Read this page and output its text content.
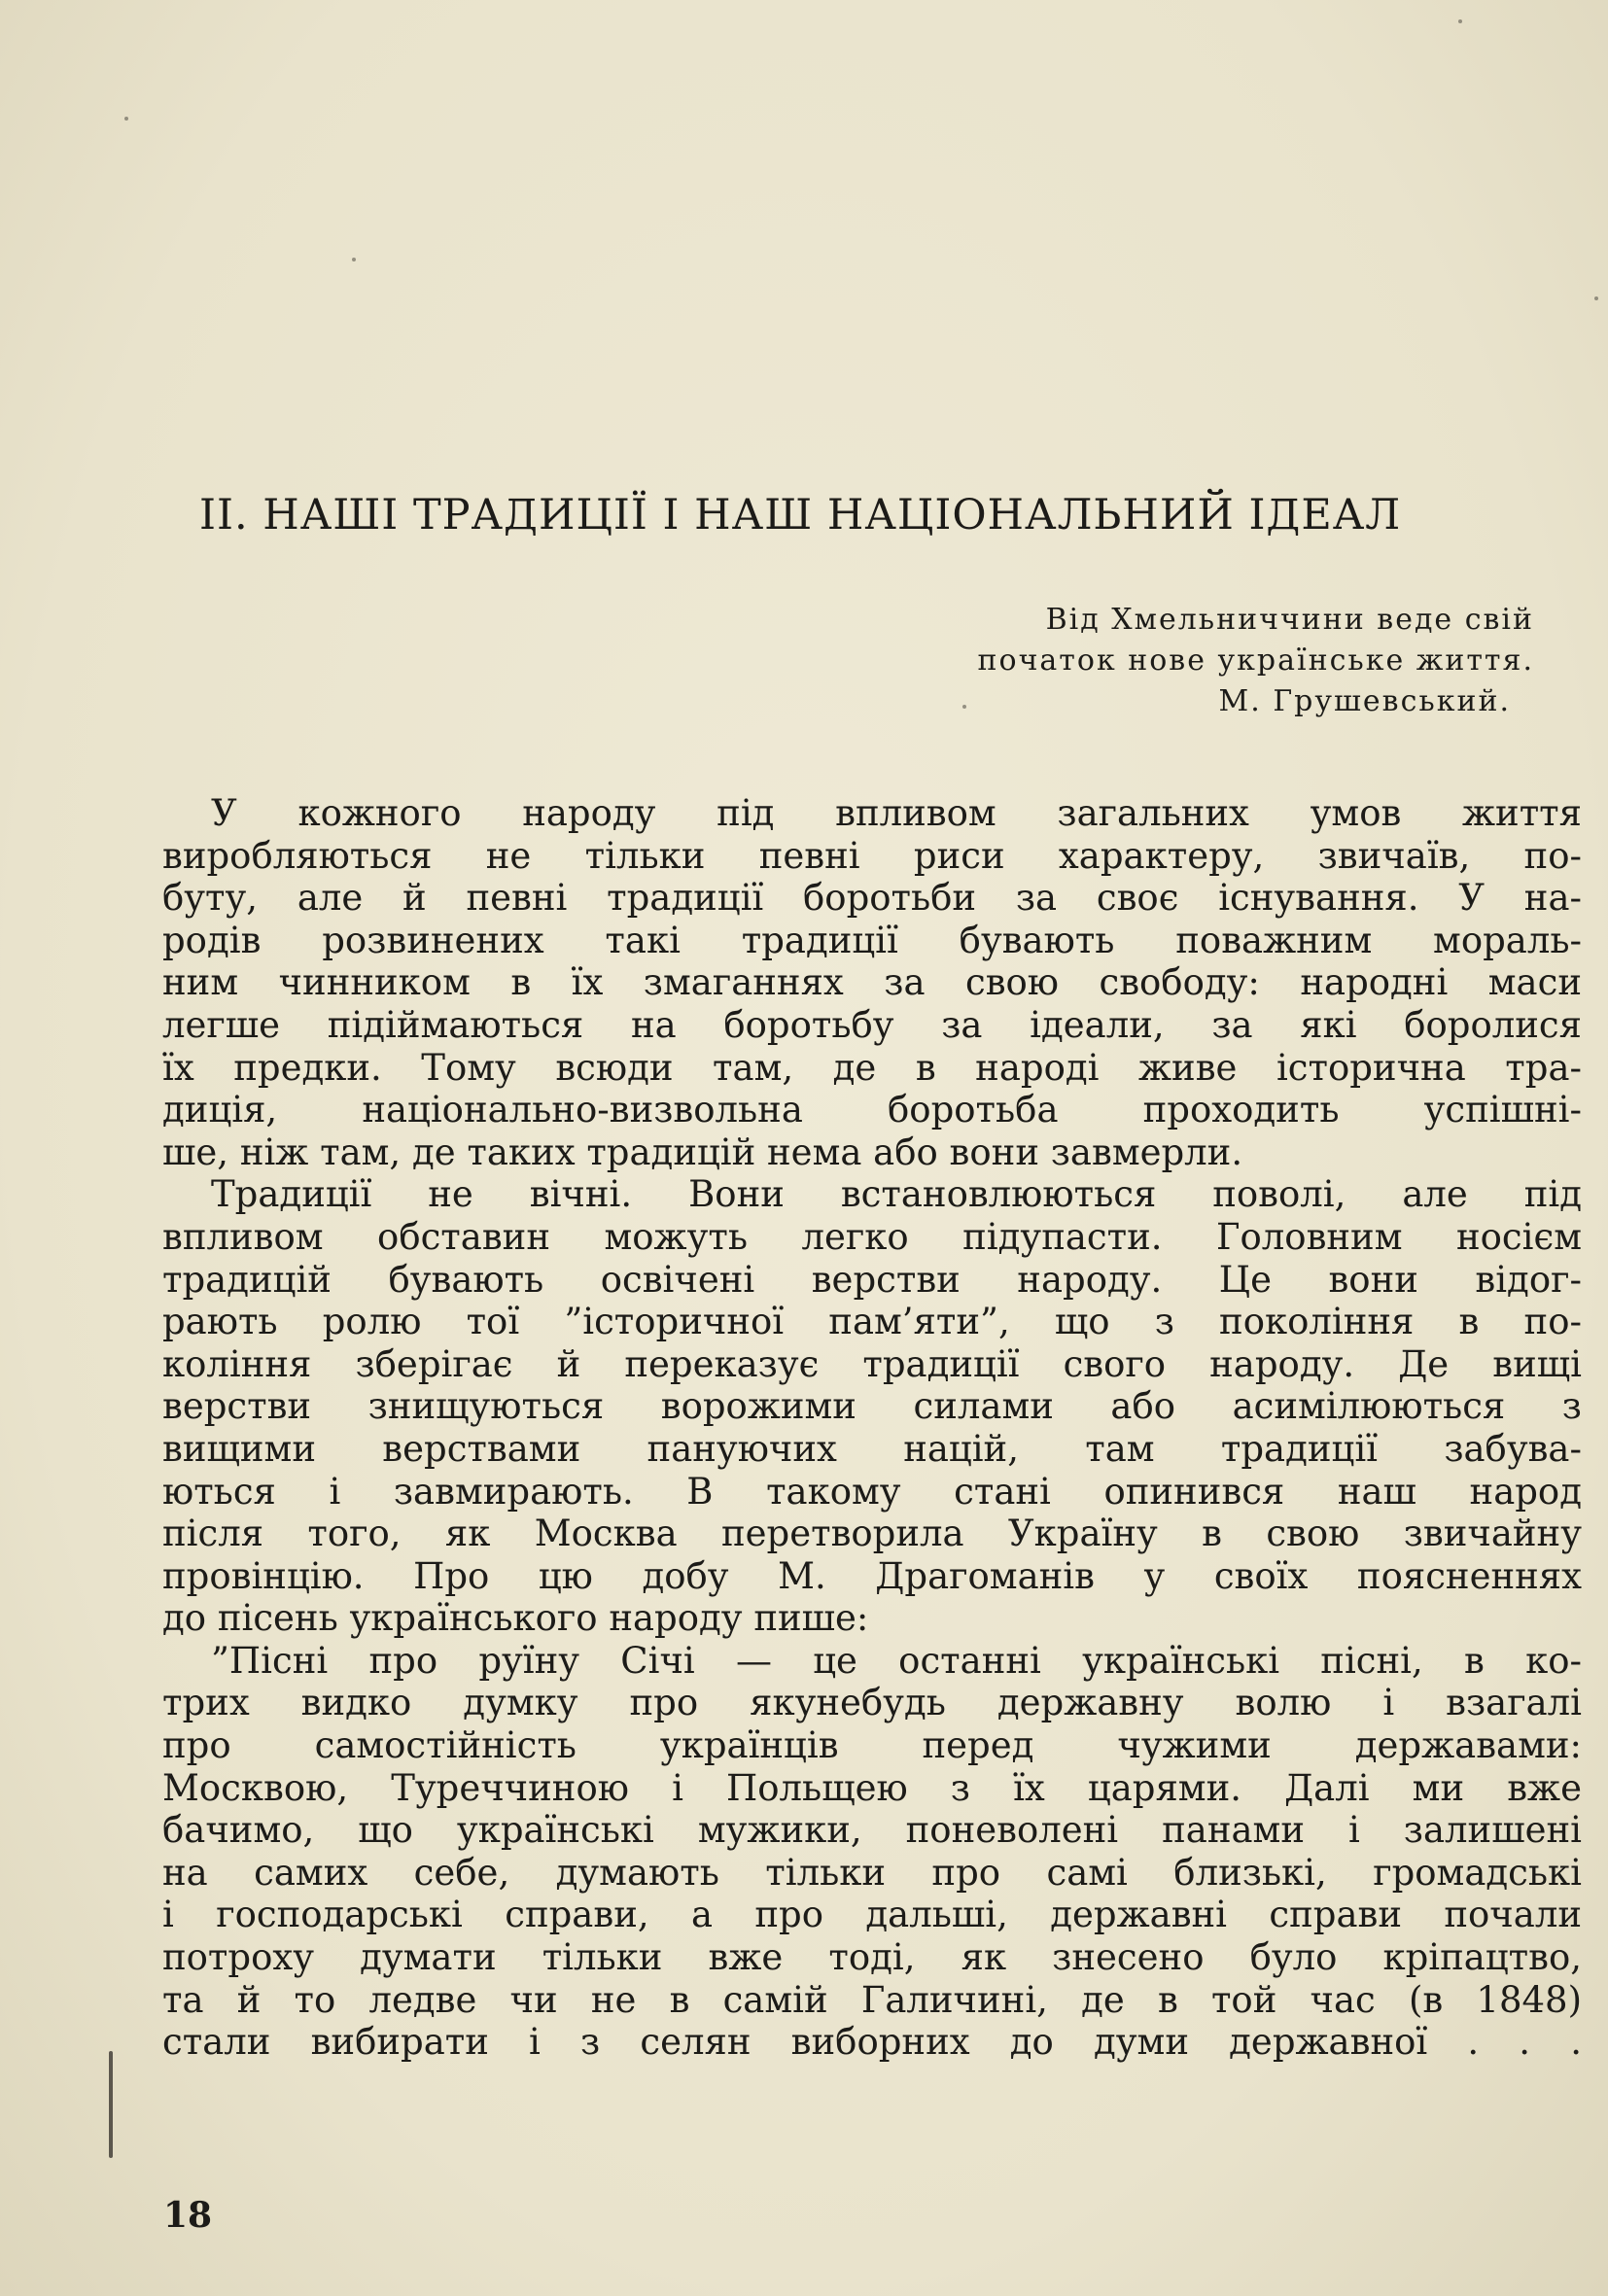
II. НАШІ ТРАДИЦІЇ І НАШ НАЦІОНАЛЬНИЙ ІДЕАЛ
Від Хмельниччини веде свій
початок нове українське життя.
М. Грушевський.
У кожного народу під впливом загальних умов життя
виробляються не тільки певні риси характеру, звичаїв, по-
буту, але й певні традиції боротьби за своє існування. У на-
родів розвинених такі традиції бувають поважним мораль-
ним чинником в їх змаганнях за свою свободу: народні маси
легше підіймаються на боротьбу за ідеали, за які боролися
їх предки. Тому всюди там, де в народі живе історична тра-
диція, національно-визвольна боротьба проходить успішні-
ше, ніж там, де таких традицій нема або вони завмерли.
Традиції не вічні. Вони встановлюються поволі, але під
впливом обставин можуть легко підупасти. Головним носієм
традицій бувають освічені верстви народу. Це вони відог-
рають ролю тої ”історичної пам’яти”, що з покоління в по-
коління зберігає й переказує традиції свого народу. Де вищі
верстви знищуються ворожими силами або асимілюються з
вищими верствами пануючих націй, там традиції забува-
ються і завмирають. В такому стані опинився наш народ
після того, як Москва перетворила Україну в свою звичайну
провінцію. Про цю добу М. Драгоманів у своїх поясненнях
до пісень українського народу пише:
”Пісні про руїну Січі — це останні українські пісні, в ко-
трих видко думку про якунебудь державну волю і взагалі
про самостійність українців перед чужими державами:
Москвою, Туреччиною і Польщею з їх царями. Далі ми вже
бачимо, що українські мужики, поневолені панами і залишені
на самих себе, думають тільки про самі близькі, громадські
і господарські справи, а про дальші, державні справи почали
потроху думати тільки вже тоді, як знесено було кріпацтво,
та й то ледве чи не в самій Галичині, де в той час (в 1848)
стали вибирати і з селян виборних до думи державної . . .
18
